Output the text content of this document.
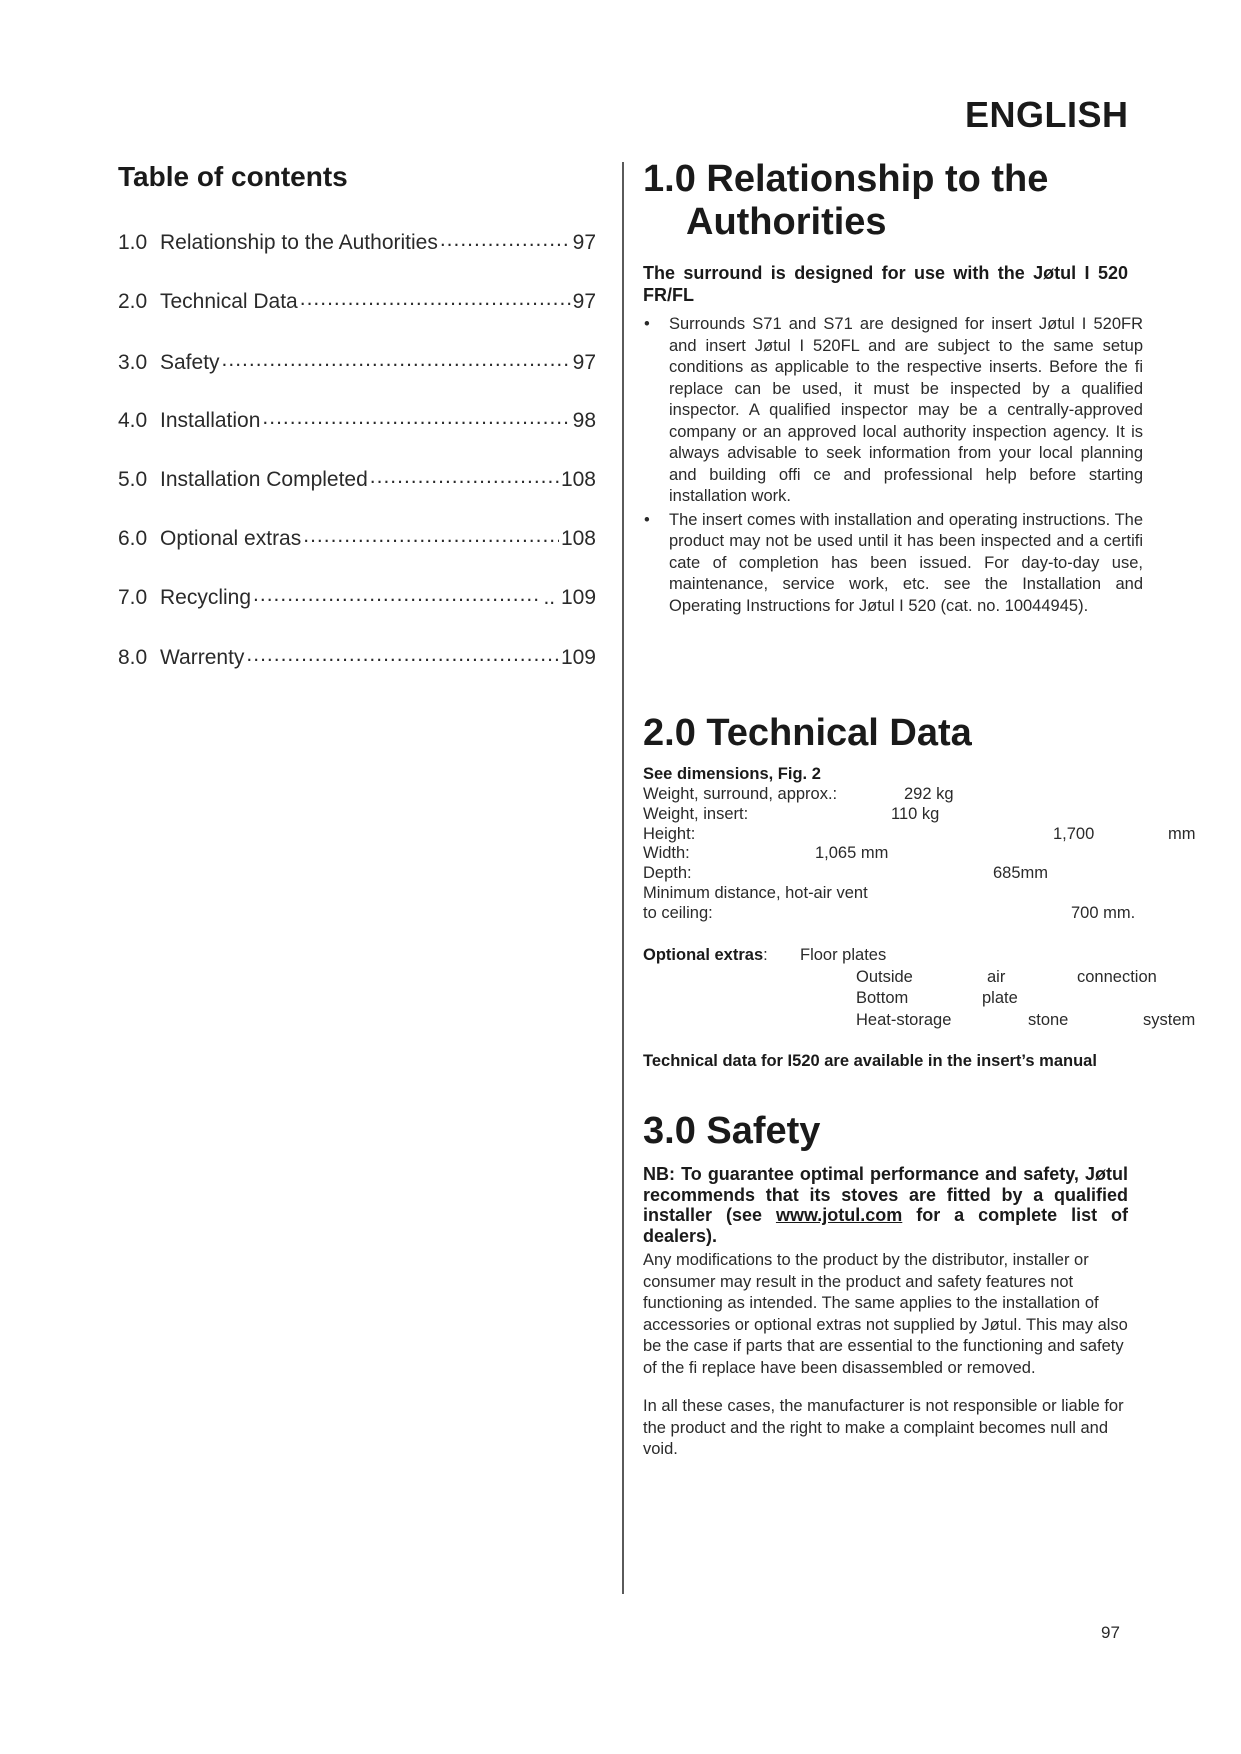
ENGLISH
Table of contents
1.0 Relationship to the Authorities .....	97
2.0 Technical Data .....	97
3.0 Safety .....	97
4.0 Installation .....	98
5.0 Installation Completed .....	108
6.0 Optional extras .....	108
7.0 Recycling .....	.. 109
8.0 Warrenty .....	109
1.0 Relationship to the
Authorities

The surround is designed for use with the Jøtul I 520 FR/FL

• Surrounds S71 and S71 are designed for insert Jøtul I 520FR and insert Jøtul I 520FL and are subject to the same setup conditions as applicable to the respective inserts. Before the fi replace can be used, it must be inspected by a qualified inspector. A qualified inspector may be a centrally-approved company or an approved local authority inspection agency. It is always advisable to seek information from your local planning and building offi ce and professional help before starting installation work.
• The insert comes with installation and operating instructions. The product may not be used until it has been inspected and a certifi cate of completion has been issued. For day-to-day use, maintenance, service work, etc. see the Installation and Operating Instructions for Jøtul I 520 (cat. no. 10044945).
2.0 Technical Data
See dimensions, Fig. 2
Weight, surround, approx.:	292 kg
Weight, insert:	110 kg
Height:	1,700	mm
Width:	1,065 mm
Depth:	685mm
Minimum distance, hot-air vent
to ceiling:	700 mm.
Optional extras: Floor plates
Outside	air	connection
Bottom	plate
Heat-storage	stone	system
Technical data for I520 are available in the insert’s manual
3.0 Safety

NB: To guarantee optimal performance and safety, Jøtul recommends that its stoves are fitted by a qualified installer (see www.jotul.com for a complete list of dealers).

Any modifications to the product by the distributor, installer or consumer may result in the product and safety features not functioning as intended. The same applies to the installation of accessories or optional extras not supplied by Jøtul. This may also be the case if parts that are essential to the functioning and safety of the fi replace have been disassembled or removed.

In all these cases, the manufacturer is not responsible or liable for the product and the right to make a complaint becomes null and void.

97
